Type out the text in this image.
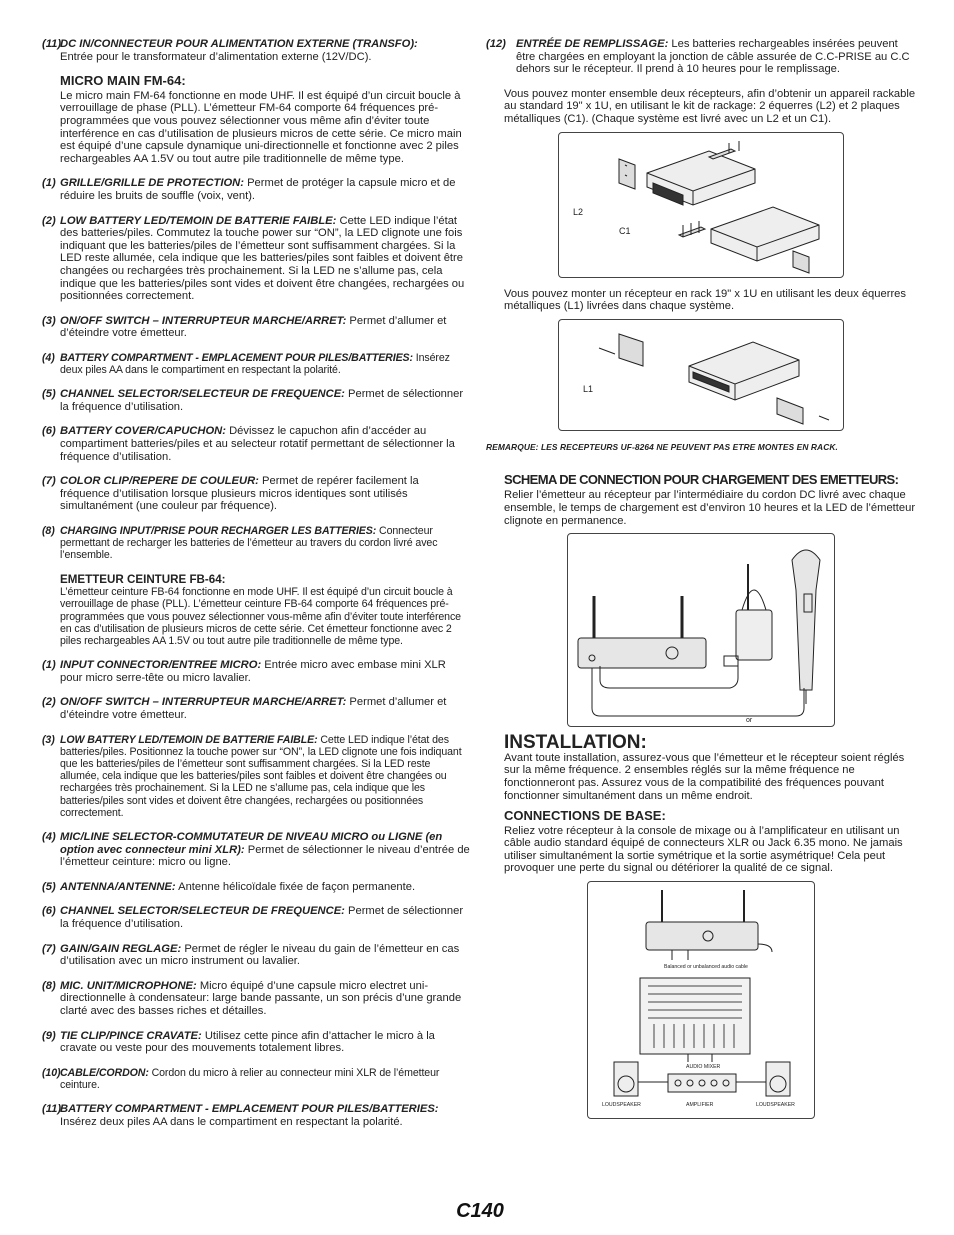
(11)
DC IN/CONNECTEUR POUR ALIMENTATION EXTERNE (TRANSFO):
Entrée pour le transformateur d’alimentation externe (12V/DC).
MICRO MAIN FM-64:

Le micro main FM-64 fonctionne en mode UHF. Il est équipé d’un circuit boucle à verrouillage de phase (PLL). L’émetteur FM-64 comporte 64 fréquences pré-programmées que vous pouvez sélectionner vous même afin d’éviter toute interférence en cas d’utilisation de plusieurs micros de cette série. Ce micro main est équipé d’une capsule dynamique uni-directionnelle et fonctionne avec 2 piles rechargeables AA 1.5V ou tout autre pile traditionnelle de même type.

(1) GRILLE/GRILLE DE PROTECTION: Permet de protéger la capsule micro et de réduire les bruits de souffle (voix, vent).
(2) LOW BATTERY LED/TEMOIN DE BATTERIE FAIBLE: Cette LED indique l’état des batteries/piles. Commutez la touche power sur “ON”, la LED clignote une fois indiquant que les batteries/piles de l’émetteur sont suffisamment chargées. Si la LED reste allumée, cela indique que les batteries/piles sont faibles et doivent être changées ou rechargées très prochainement. Si la LED ne s’allume pas, cela indique que les batteries/piles sont vides et doivent être changées, rechargées ou positionnées correctement.
(3) ON/OFF SWITCH – INTERRUPTEUR MARCHE/ARRET: Permet d’allumer et d’éteindre votre émetteur.
(4) BATTERY COMPARTMENT - EMPLACEMENT POUR PILES/BATTERIES: Insérez deux piles AA dans le compartiment en respectant la polarité.
(5) CHANNEL SELECTOR/SELECTEUR DE FREQUENCE: Permet de sélectionner la fréquence d’utilisation.
(6) BATTERY COVER/CAPUCHON: Dévissez le capuchon afin d’accéder au compartiment batteries/piles et au selecteur rotatif permettant de sélectionner la fréquence d’utilisation.
(7) COLOR CLIP/REPERE DE COULEUR: Permet de repérer facilement la fréquence d’utilisation lorsque plusieurs micros identiques sont utilisés simultanément (une couleur par fréquence).
(8) CHARGING INPUT/PRISE POUR RECHARGER LES BATTERIES: Connecteur permettant de recharger les batteries de l’émetteur au travers du cordon livré avec l’ensemble.
EMETTEUR CEINTURE FB-64:

L’émetteur ceinture FB-64 fonctionne en mode UHF. Il est équipé d’un circuit boucle à verrouillage de phase (PLL). L’émetteur ceinture FB-64 comporte 64 fréquences pré-programmées que vous pouvez sélectionner vous-même afin d’éviter toute interférence en cas d’utilisation de plusieurs micros de cette série. Cet émetteur fonctionne avec 2 piles rechargeables AA 1.5V ou tout autre pile traditionnelle de même type.

(1) INPUT CONNECTOR/ENTREE MICRO: Entrée micro avec embase mini XLR pour micro serre-tête ou micro lavalier.
(2) ON/OFF SWITCH – INTERRUPTEUR MARCHE/ARRET: Permet d’allumer et d’éteindre votre émetteur.
(3) LOW BATTERY LED/TEMOIN DE BATTERIE FAIBLE: Cette LED indique l’état des batteries/piles. Positionnez la touche power sur “ON”, la LED clignote une fois indiquant que les batteries/piles de l’émetteur sont suffisamment chargées. Si la LED reste allumée, cela indique que les batteries/piles sont faibles et doivent être changées ou rechargées très prochainement. Si la LED ne s’allume pas, cela indique que les batteries/piles sont vides et doivent être changées, rechargées ou positionnées correctement.
(4) MIC/LINE SELECTOR-COMMUTATEUR DE NIVEAU MICRO ou LIGNE (en option avec connecteur mini XLR): Permet de sélectionner le niveau d’entrée de l’émetteur ceinture: micro ou ligne.
(5) ANTENNA/ANTENNE: Antenne hélicoïdale fixée de façon permanente.
(6) CHANNEL SELECTOR/SELECTEUR DE FREQUENCE: Permet de sélectionner la fréquence d’utilisation.
(7) GAIN/GAIN REGLAGE: Permet de régler le niveau du gain de l’émetteur en cas d’utilisation avec un micro instrument ou lavalier.
(8) MIC. UNIT/MICROPHONE: Micro équipé d’une capsule micro electret uni-directionnelle à condensateur: large bande passante, un son précis d’une grande clarté avec des basses riches et détailles.
(9) TIE CLIP/PINCE CRAVATE: Utilisez cette pince afin d’attacher le micro à la cravate ou veste pour des mouvements totalement libres.
(10) CABLE/CORDON: Cordon du micro à relier au connecteur mini XLR de l’émetteur ceinture.
(11)
BATTERY COMPARTMENT - EMPLACEMENT POUR PILES/BATTERIES: Insérez deux piles AA dans le compartiment en respectant la polarité.
(12) ENTRÉE DE REMPLISSAGE: Les batteries rechargeables insérées peuvent être chargées en employant la jonction de câble assurée de C.C-PRISE au C.C dehors sur le récepteur. Il prend à 10 heures pour le remplissage.

Vous pouvez monter ensemble deux récepteurs, afin d’obtenir un appareil rackable au standard 19" x 1U, en utilisant le kit de rackage: 2 équerres (L2) et 2 plaques métalliques (C1). (Chaque système est livré avec un L2 et un C1).

L2
C1

Vous pouvez monter un récepteur en rack 19" x 1U en utilisant les deux équerres métalliques (L1) livrées dans chaque système.

L1
REMARQUE: LES RECEPTEURS UF-8264 NE PEUVENT PAS ETRE MONTES EN RACK.
SCHEMA DE CONNECTION POUR CHARGEMENT DES EMETTEURS:

Relier l’émetteur au récepteur par l’intermédiaire du cordon DC livré avec chaque ensemble, le temps de chargement est d’environ 10 heures et la LED de l’émetteur clignote en permanence.

or
INSTALLATION:

Avant toute installation, assurez-vous que l’émetteur et le récepteur soient réglés sur la même fréquence. 2 ensembles réglés sur la même fréquence ne fonctionneront pas. Assurez vous de la compatibilité des fréquences pouvant fonctionner simultanément dans un même endroit.

CONNECTIONS DE BASE:

Reliez votre récepteur à la console de mixage ou à l’amplificateur en utilisant un câble audio standard équipé de connecteurs XLR ou Jack 6.35 mono. Ne jamais utiliser simultanément la sortie symétrique et la sortie asymétrique! Cela peut provoquer une perte du signal ou détériorer la qualité de ce signal.

Balanced or unbalanced audio cable
AUDIO MIXER
AMPLIFIER
LOUDSPEAKER	LOUDSPEAKER
C140
